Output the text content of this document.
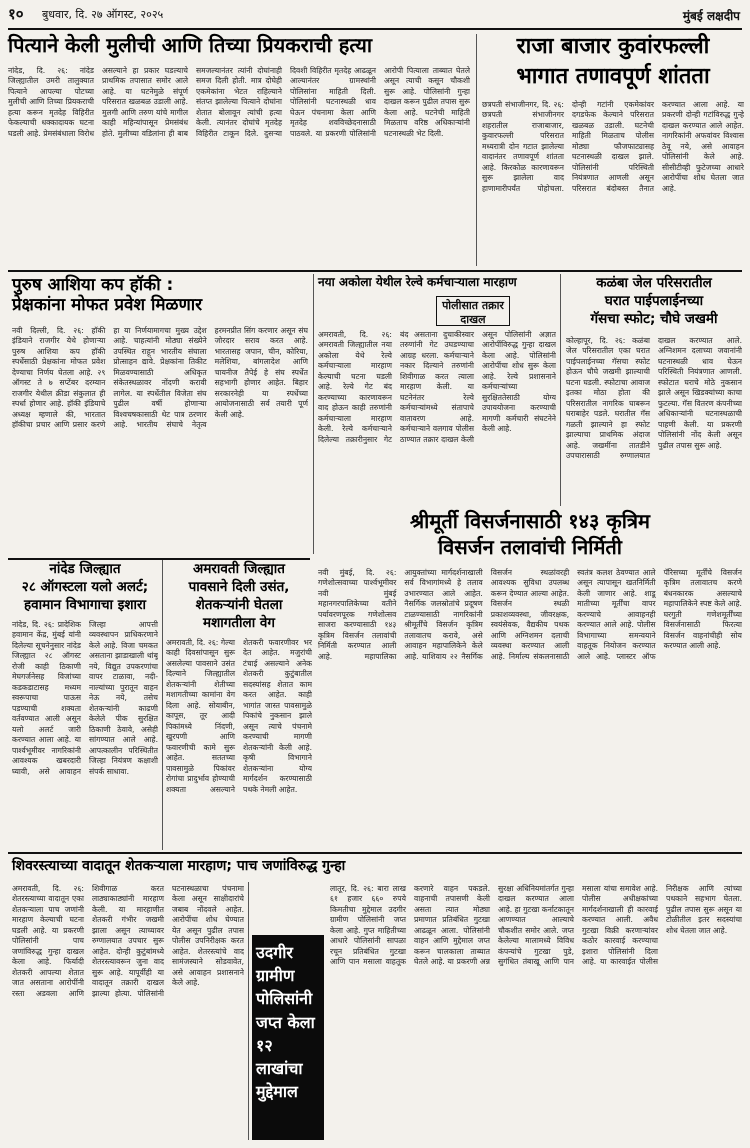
१० बुधवार, दि. २७ ऑगस्ट, २०२५	मुंबई लक्षदीप
पित्याने केली मुलीची आणि तिच्या प्रियकराची हत्या
नांदेड, दि. २६: नांदेड जिल्ह्यातील उमरी तालुक्यात पित्याने आपल्या पोटच्या मुलीची आणि तिच्या प्रियकराची हत्या करून मृतदेह विहिरीत फेकल्याची धक्कादायक घटना घडली आहे. प्रेमसंबंधाला विरोध असल्याने हा प्रकार घडल्याचे प्राथमिक तपासात समोर आले आहे. या घटनेमुळे संपूर्ण परिसरात खळबळ उडाली आहे. मुलगी आणि तरुण यांचे मागील काही महिन्यांपासून प्रेमसंबंध होते. मुलीच्या वडिलांना ही बाब समजल्यानंतर त्यांनी दोघांनाही समज दिली होती. मात्र दोघेही एकमेकांना भेटत राहिल्याने संतप्त झालेल्या पित्याने दोघांना शेतात बोलावून त्यांची हत्या केली. त्यानंतर दोघांचे मृतदेह विहिरीत टाकून दिले. दुसऱ्या दिवशी विहिरीत मृतदेह आढळून आल्यानंतर ग्रामस्थांनी पोलिसांना माहिती दिली. पोलिसांनी घटनास्थळी धाव घेऊन पंचनामा केला आणि मृतदेह शवविच्छेदनासाठी पाठवले. या प्रकरणी पोलिसांनी आरोपी पित्याला ताब्यात घेतले असून त्याची कसून चौकशी सुरू आहे. पोलिसांनी गुन्हा दाखल करून पुढील तपास सुरू केला आहे. घटनेची माहिती मिळताच वरिष्ठ अधिकाऱ्यांनी घटनास्थळी भेट दिली.
राजा बाजार कुवांरफल्ली
भागात तणावपूर्ण शांतता
छत्रपती संभाजीनगर, दि. २६: छत्रपती संभाजीनगर शहरातील राजाबाजार, कुवारफल्ली परिसरात मध्यरात्री दोन गटात झालेल्या वादानंतर तणावपूर्ण शांतता आहे. किरकोळ कारणावरून सुरू झालेला वाद हाणामारीपर्यंत पोहोचला. दोन्ही गटांनी एकमेकांवर दगडफेक केल्याने परिसरात खळबळ उडाली. घटनेची माहिती मिळताच पोलीस मोठ्या फौजफाट्यासह घटनास्थळी दाखल झाले. पोलिसांनी परिस्थिती नियंत्रणात आणली असून परिसरात बंदोबस्त तैनात करण्यात आला आहे. या प्रकरणी दोन्ही गटांविरुद्ध गुन्हे दाखल करण्यात आले आहेत. नागरिकांनी अफवांवर विश्वास ठेवू नये, असे आवाहन पोलिसांनी केले आहे. सीसीटीव्ही फुटेजच्या आधारे आरोपींचा शोध घेतला जात आहे.
पुरुष आशिया कप हॉकी :
प्रेक्षकांना मोफत प्रवेश मिळणार
नवी दिल्ली, दि. २६: हॉकी इंडियाने राजगीर येथे होणाऱ्या पुरुष आशिया कप हॉकी स्पर्धेसाठी प्रेक्षकांना मोफत प्रवेश देण्याचा निर्णय घेतला आहे. २९ ऑगस्ट ते ७ सप्टेंबर दरम्यान राजगीर येथील क्रीडा संकुलात ही स्पर्धा होणार आहे. हॉकी इंडियाचे अध्यक्ष म्हणाले की, भारतात हॉकीचा प्रचार आणि प्रसार करणे हा या निर्णयामागचा मुख्य उद्देश आहे. चाहत्यांनी मोठ्या संख्येने उपस्थित राहून भारतीय संघाला प्रोत्साहन द्यावे. प्रेक्षकांना तिकीट मिळवण्यासाठी अधिकृत संकेतस्थळावर नोंदणी करावी लागेल. या स्पर्धेतील विजेता संघ पुढील वर्षी होणाऱ्या विश्वचषकासाठी थेट पात्र ठरणार आहे. भारतीय संघाचे नेतृत्व हरमनप्रीत सिंग करणार असून संघ जोरदार सराव करत आहे. भारतासह जपान, चीन, कोरिया, मलेशिया, बांगलादेश आणि चायनीज तैपेई हे संघ स्पर्धेत सहभागी होणार आहेत. बिहार सरकारनेही या स्पर्धेच्या आयोजनासाठी सर्व तयारी पूर्ण केली आहे.
नया अकोला येथील रेल्वे कर्मचाऱ्याला मारहाण
पोलीसात तक्रार दाखल
अमरावती, दि. २६: अमरावती जिल्ह्यातील नया अकोला येथे रेल्वे कर्मचाऱ्याला मारहाण केल्याची घटना घडली आहे. रेल्वे गेट बंद करण्याच्या कारणावरून वाद होऊन काही तरुणांनी कर्मचाऱ्याला मारहाण केली. रेल्वे कर्मचाऱ्याने दिलेल्या तक्रारीनुसार गेट बंद असताना दुचाकीस्वार तरुणांनी गेट उघडण्याचा आग्रह धरला. कर्मचाऱ्याने नकार दिल्याने तरुणांनी शिवीगाळ करत त्याला मारहाण केली. या घटनेनंतर रेल्वे कर्मचाऱ्यांमध्ये संतापाचे वातावरण आहे. कर्मचाऱ्याने वलगाव पोलीस ठाण्यात तक्रार दाखल केली असून पोलिसांनी अज्ञात आरोपींविरुद्ध गुन्हा दाखल केला आहे. पोलिसांनी आरोपींचा शोध सुरू केला आहे. रेल्वे प्रशासनाने कर्मचाऱ्यांच्या सुरक्षिततेसाठी योग्य उपाययोजना करण्याची मागणी कर्मचारी संघटनेने केली आहे.
कळंबा जेल परिसरातील
घरात पाईपलाईनच्या
गॅसचा स्फोट; चौघे जखमी
कोल्हापूर, दि. २६: कळंबा जेल परिसरातील एका घरात पाईपलाईनच्या गॅसचा स्फोट होऊन चौघे जखमी झाल्याची घटना घडली. स्फोटाचा आवाज इतका मोठा होता की परिसरातील नागरिक घाबरून घराबाहेर पडले. घरातील गॅस गळती झाल्याने हा स्फोट झाल्याचा प्राथमिक अंदाज आहे. जखमींना तातडीने उपचारासाठी रुग्णालयात दाखल करण्यात आले. अग्निशमन दलाच्या जवानांनी घटनास्थळी धाव घेऊन परिस्थिती नियंत्रणात आणली. स्फोटात घराचे मोठे नुकसान झाले असून खिडक्यांच्या काचा फुटल्या. गॅस वितरण कंपनीच्या अधिकाऱ्यांनी घटनास्थळाची पाहणी केली. या प्रकरणी पोलिसांनी नोंद केली असून पुढील तपास सुरू आहे.
श्रीमूर्ती विसर्जनासाठी १४३ कृत्रिम
विसर्जन तलावांची निर्मिती
नवी मुंबई, दि. २६: गणेशोत्सवाच्या पार्श्वभूमीवर नवी मुंबई महानगरपालिकेच्या वतीने पर्यावरणपूरक गणेशोत्सव साजरा करण्यासाठी १४३ कृत्रिम विसर्जन तलावांची निर्मिती करण्यात आली आहे. महापालिका आयुक्तांच्या मार्गदर्शनाखाली सर्व विभागांमध्ये हे तलाव उभारण्यात आले आहेत. नैसर्गिक जलस्रोतांचे प्रदूषण टाळण्यासाठी नागरिकांनी श्रीमूर्तींचे विसर्जन कृत्रिम तलावातच करावे, असे आवाहन महापालिकेने केले आहे. याशिवाय २२ नैसर्गिक विसर्जन स्थळांवरही आवश्यक सुविधा उपलब्ध करून देण्यात आल्या आहेत. विसर्जन स्थळी प्रकाशव्यवस्था, जीवरक्षक, स्वयंसेवक, वैद्यकीय पथक आणि अग्निशमन दलाची व्यवस्था करण्यात आली आहे. निर्माल्य संकलनासाठी स्वतंत्र कलश ठेवण्यात आले असून त्यापासून खतनिर्मिती केली जाणार आहे. शाडू मातीच्या मूर्तींचा वापर करण्याचे आवाहनही करण्यात आले आहे. पोलीस विभागाच्या समन्वयाने वाहतूक नियोजन करण्यात आले आहे. प्लास्टर ऑफ पॅरिसच्या मूर्तींचे विसर्जन कृत्रिम तलावातच करणे बंधनकारक असल्याचे महापालिकेने स्पष्ट केले आहे. घरगुती गणेशमूर्तींच्या विसर्जनासाठी फिरत्या विसर्जन वाहनांचीही सोय करण्यात आली आहे.
नांदेड जिल्ह्यात
२८ ऑगस्टला यलो अलर्ट;
हवामान विभागाचा इशारा
नांदेड, दि. २६: प्रादेशिक हवामान केंद्र, मुंबई यांनी दिलेल्या सूचनेनुसार नांदेड जिल्ह्यात २८ ऑगस्ट रोजी काही ठिकाणी मेघगर्जनेसह विजांच्या कडकडाटासह मध्यम स्वरूपाचा पाऊस पडण्याची शक्यता वर्तवण्यात आली असून यलो अलर्ट जारी करण्यात आला आहे. या पार्श्वभूमीवर नागरिकांनी आवश्यक खबरदारी घ्यावी, असे आवाहन जिल्हा आपत्ती व्यवस्थापन प्राधिकरणाने केले आहे. विजा चमकत असताना झाडाखाली थांबू नये, विद्युत उपकरणांचा वापर टाळावा, नदी-नाल्यांच्या पुरातून वाहन नेऊ नये, तसेच शेतकऱ्यांनी काढणी केलेले पीक सुरक्षित ठिकाणी ठेवावे, असेही सांगण्यात आले आहे. आपत्कालीन परिस्थितीत जिल्हा नियंत्रण कक्षाशी संपर्क साधावा.
अमरावती जिल्ह्यात
पावसाने दिली उसंत,
शेतकऱ्यांनी घेतला
मशागतीला वेग
अमरावती, दि. २६: गेल्या काही दिवसांपासून सुरू असलेल्या पावसाने उसंत दिल्याने जिल्ह्यातील शेतकऱ्यांनी शेतीच्या मशागतीच्या कामांना वेग दिला आहे. सोयाबीन, कापूस, तूर आदी पिकांमध्ये निंदणी, खुरपणी आणि फवारणीची कामे सुरू आहेत. सततच्या पावसामुळे पिकांवर रोगांचा प्रादुर्भाव होण्याची शक्यता असल्याने शेतकरी फवारणीवर भर देत आहेत. मजुरांची टंचाई असल्याने अनेक शेतकरी कुटुंबातील सदस्यांसह शेतात काम करत आहेत. काही भागांत जास्त पावसामुळे पिकांचे नुकसान झाले असून त्याचे पंचनामे करण्याची मागणी शेतकऱ्यांनी केली आहे. कृषी विभागाने शेतकऱ्यांना योग्य मार्गदर्शन करण्यासाठी पथके नेमली आहेत.
शिवरस्त्याच्या वादातून शेतकऱ्याला मारहाण; पाच जणांविरुद्ध गुन्हा
अमरावती, दि. २६: शेतरस्त्याच्या वादातून एका शेतकऱ्याला पाच जणांनी मारहाण केल्याची घटना घडली आहे. या प्रकरणी पोलिसांनी पाच जणांविरुद्ध गुन्हा दाखल केला आहे. फिर्यादी शेतकरी आपल्या शेतात जात असताना आरोपींनी रस्ता अडवला आणि शिवीगाळ करत लाठ्याकाठ्यांनी मारहाण केली. या मारहाणीत शेतकरी गंभीर जखमी झाला असून त्याच्यावर रुग्णालयात उपचार सुरू आहेत. दोन्ही कुटुंबांमध्ये शेतरस्त्यावरून जुना वाद सुरू आहे. यापूर्वीही या वादातून तक्रारी दाखल झाल्या होत्या. पोलिसांनी घटनास्थळाचा पंचनामा केला असून साक्षीदारांचे जबाब नोंदवले आहेत. आरोपींचा शोध घेण्यात येत असून पुढील तपास पोलीस उपनिरीक्षक करत आहेत. शेतरस्त्यांचे वाद सामंजस्याने सोडवावेत, असे आवाहन प्रशासनाने केले आहे.
उदगीर
ग्रामीण
पोलिसांनी
जप्त केला
१२ लाखांचा
मुद्देमाल
लातूर, दि. २६: बारा लाख ६१ हजार ६६० रुपये किमतीचा मुद्देमाल उदगीर ग्रामीण पोलिसांनी जप्त केला आहे. गुप्त माहितीच्या आधारे पोलिसांनी सापळा रचून प्रतिबंधित गुटखा आणि पान मसाला वाहतूक करणारे वाहन पकडले. वाहनाची तपासणी केली असता त्यात मोठ्या प्रमाणात प्रतिबंधित गुटखा आढळून आला. पोलिसांनी वाहन आणि मुद्देमाल जप्त करून चालकाला ताब्यात घेतले आहे. या प्रकरणी अन्न सुरक्षा अधिनियमांतर्गत गुन्हा दाखल करण्यात आला आहे. हा गुटखा कर्नाटकातून आणण्यात आल्याचे चौकशीत समोर आले. जप्त केलेल्या मालामध्ये विविध कंपन्यांचे गुटखा पुडे, सुगंधित तंबाखू आणि पान मसाला यांचा समावेश आहे. पोलीस अधीक्षकांच्या मार्गदर्शनाखाली ही कारवाई करण्यात आली. अवैध गुटखा विक्री करणाऱ्यांवर कठोर कारवाई करण्याचा इशारा पोलिसांनी दिला आहे. या कारवाईत पोलीस निरीक्षक आणि त्यांच्या पथकाने सहभाग घेतला. पुढील तपास सुरू असून या टोळीतील इतर सदस्यांचा शोध घेतला जात आहे.
